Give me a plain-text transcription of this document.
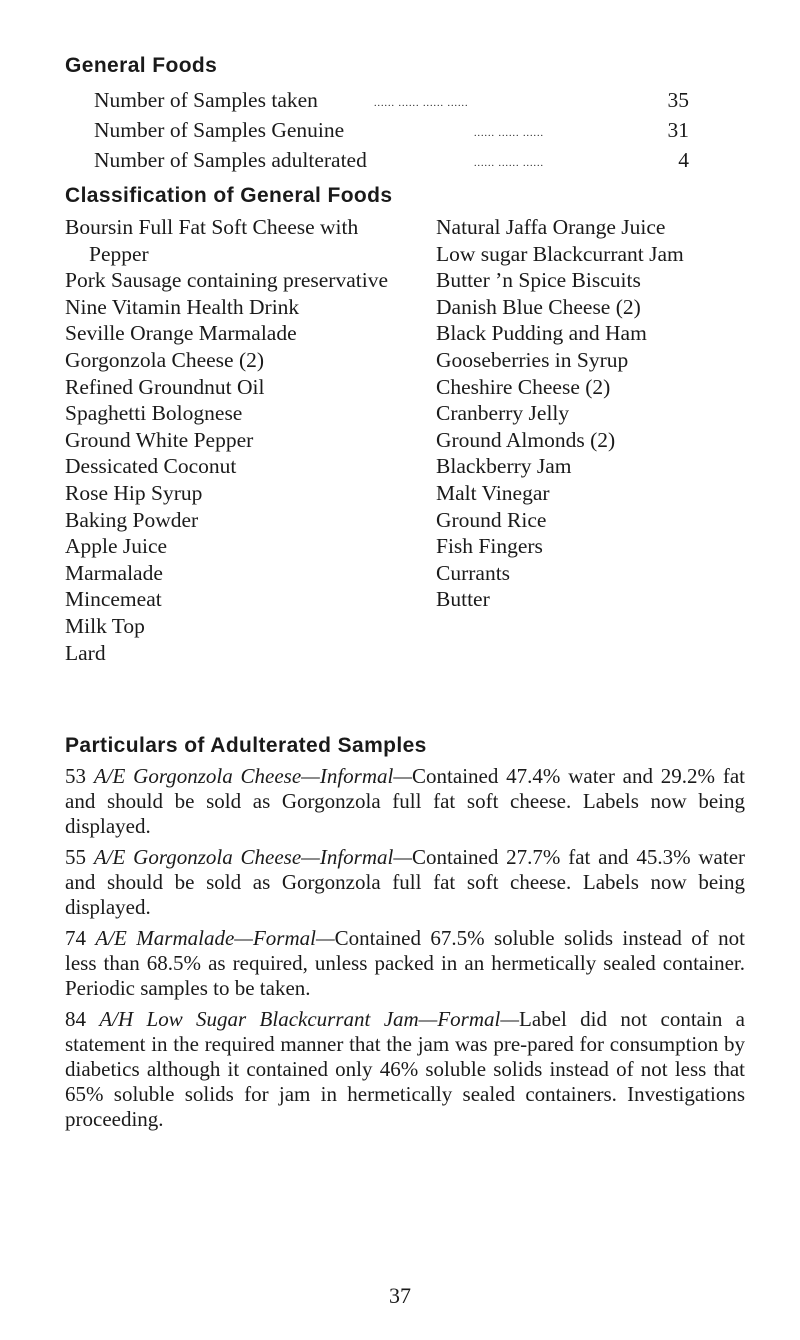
General Foods
Number of Samples taken	...... ...... ...... ......	35
Number of Samples Genuine	...... ...... ......	31
Number of Samples adulterated	...... ...... ......	4
Classification of General Foods
Boursin Full Fat Soft Cheese with
Pepper
Pork Sausage containing preservative
Nine Vitamin Health Drink
Seville Orange Marmalade
Gorgonzola Cheese (2)
Refined Groundnut Oil
Spaghetti Bolognese
Ground White Pepper
Dessicated Coconut
Rose Hip Syrup
Baking Powder
Apple Juice
Marmalade
Mincemeat
Milk Top
Lard
Natural Jaffa Orange Juice
Low sugar Blackcurrant Jam
Butter ’n Spice Biscuits
Danish Blue Cheese (2)
Black Pudding and Ham
Gooseberries in Syrup
Cheshire Cheese (2)
Cranberry Jelly
Ground Almonds (2)
Blackberry Jam
Malt Vinegar
Ground Rice
Fish Fingers
Currants
Butter
Particulars of Adulterated Samples

53 A/E Gorgonzola Cheese—Informal—Contained 47.4% water and 29.2% fat and should be sold as Gorgonzola full fat soft cheese. Labels now being displayed.

55 A/E Gorgonzola Cheese—Informal—Contained 27.7% fat and 45.3% water and should be sold as Gorgonzola full fat soft cheese. Labels now being displayed.

74 A/E Marmalade—Formal—Contained 67.5% soluble solids instead of not less than 68.5% as required, unless packed in an hermetically sealed container. Periodic samples to be taken.

84 A/H Low Sugar Blackcurrant Jam—Formal—Label did not contain a statement in the required manner that the jam was pre-pared for consumption by diabetics although it contained only 46% soluble solids instead of not less that 65% soluble solids for jam in hermetically sealed containers. Investigations proceeding.

37
